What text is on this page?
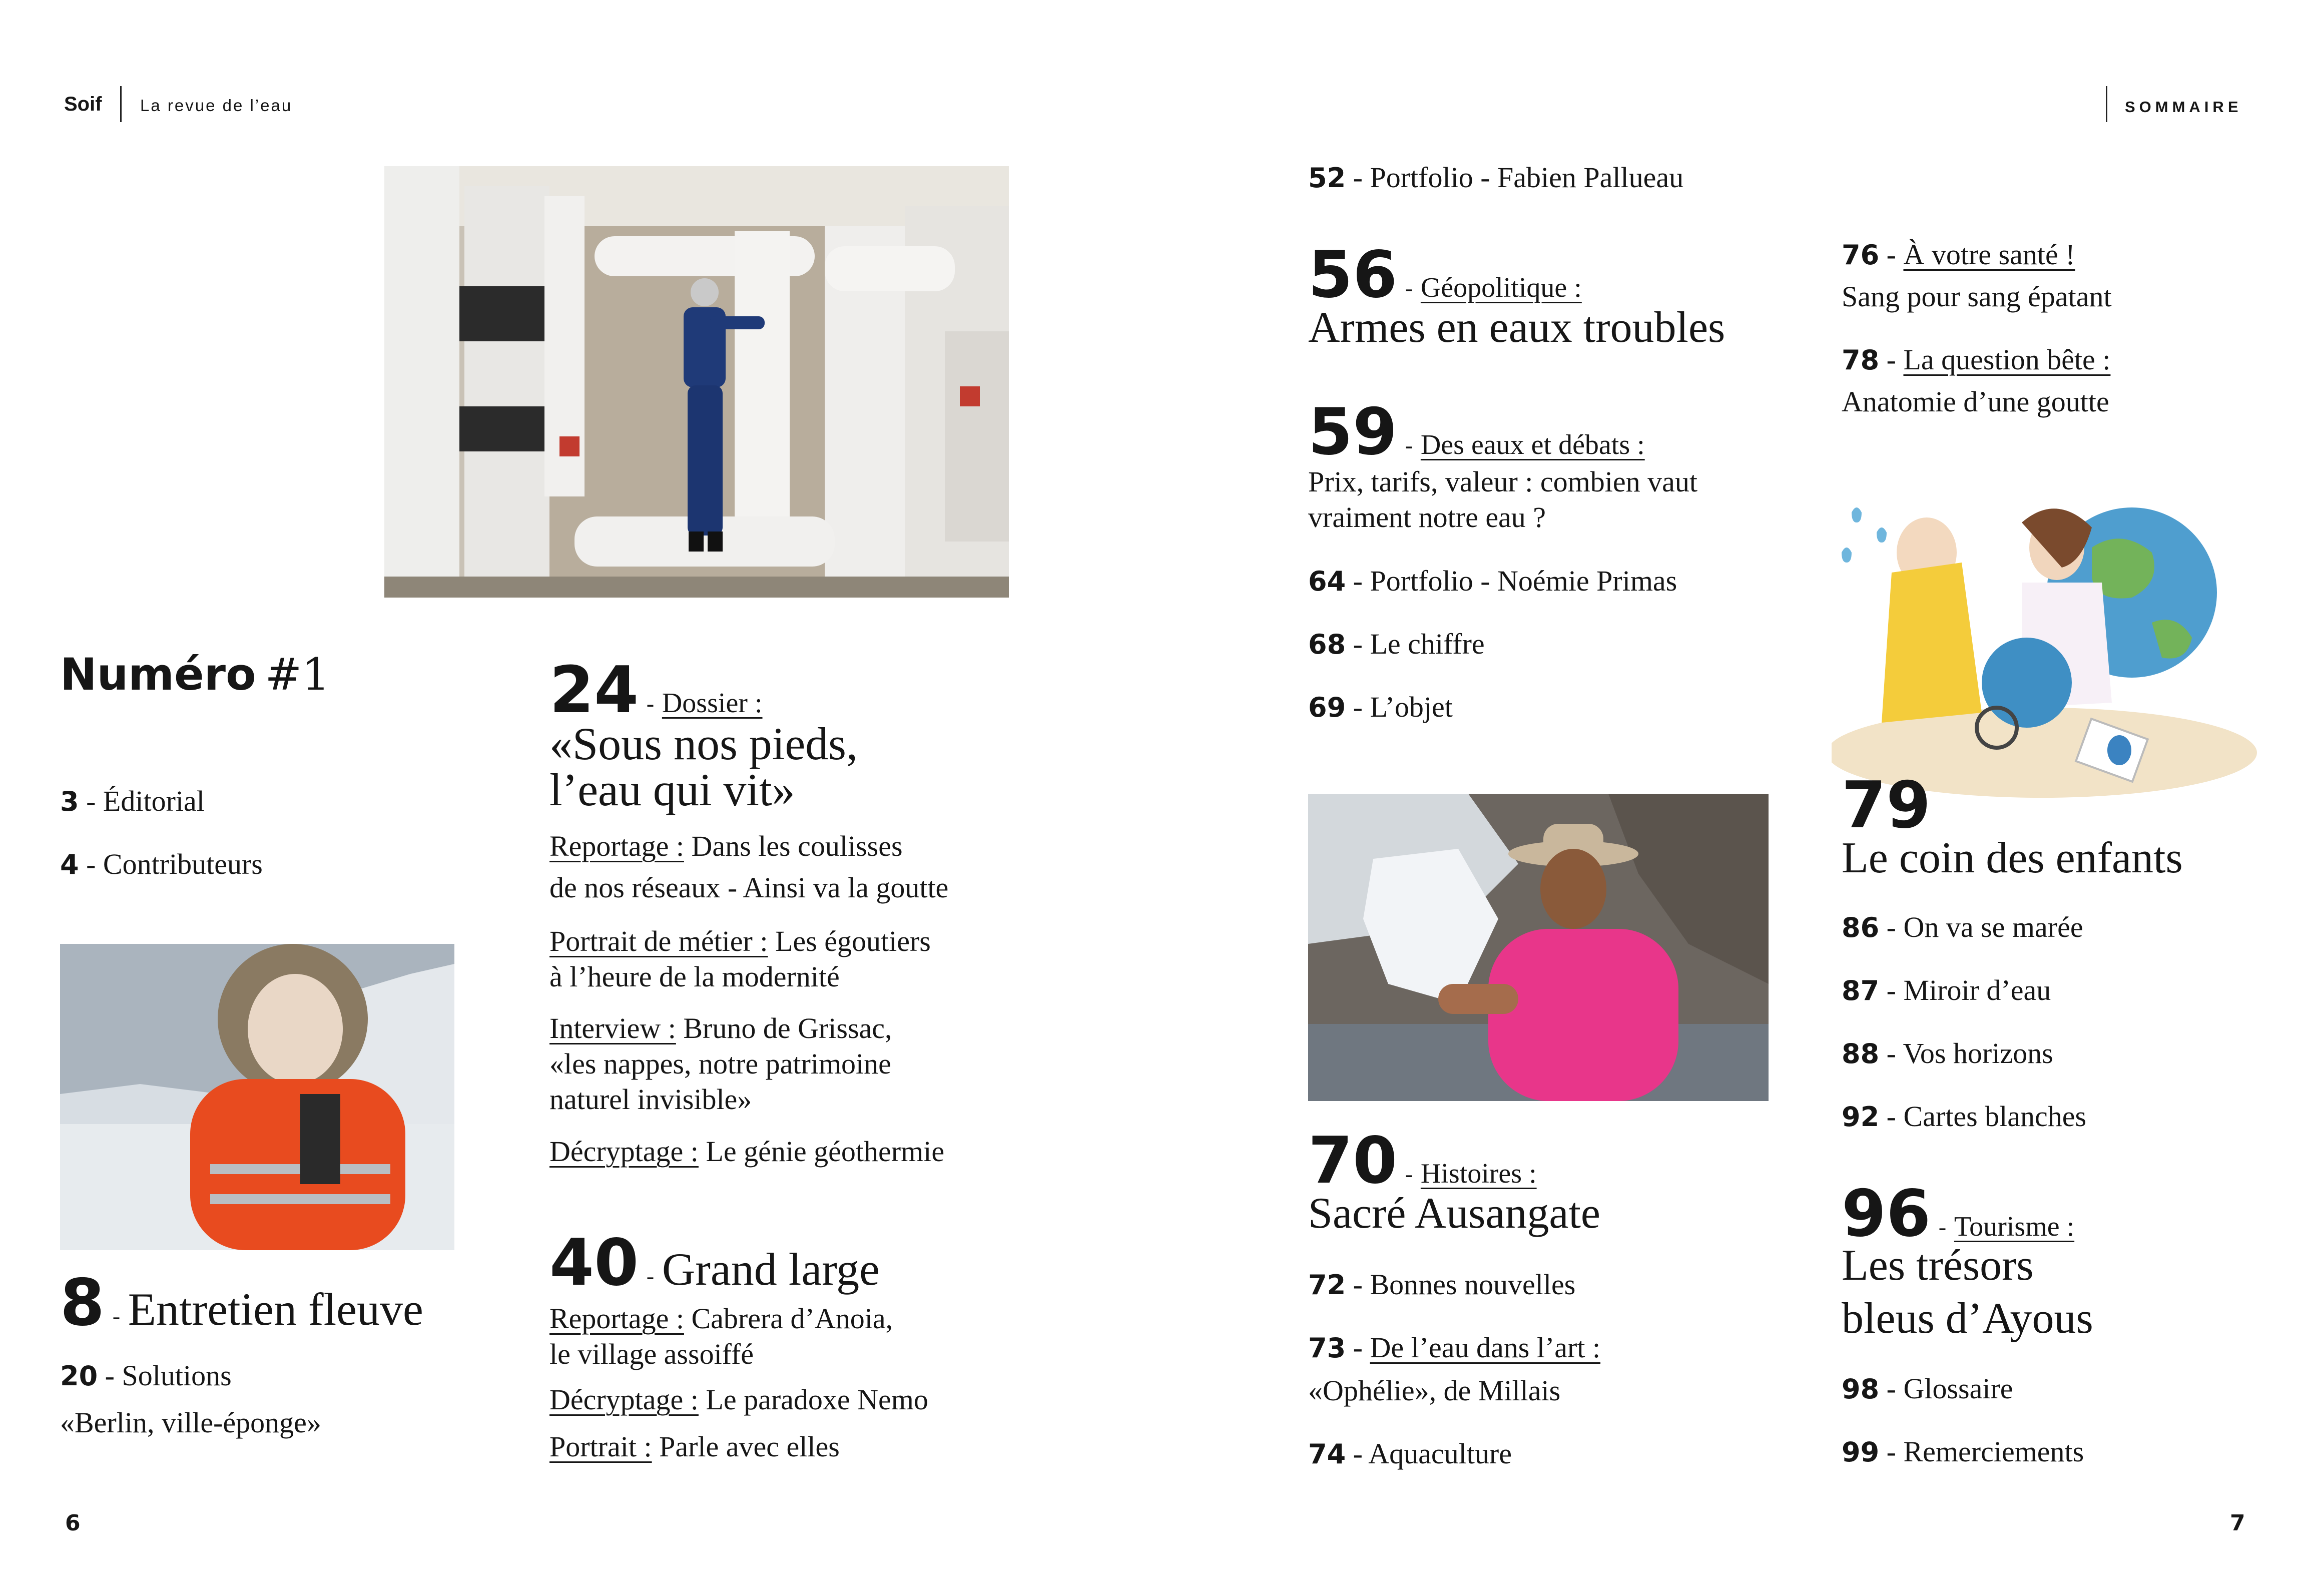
Soif La revue de l’eau	SOMMAIRE
Numéro #1
3 - Éditorial
4 - Contributeurs
8 - Entretien fleuve
20 - Solutions
«Berlin, ville-éponge»
24 - Dossier :
«Sous nos pieds,
l’eau qui vit»
Reportage : Dans les coulisses
de nos réseaux - Ainsi va la goutte
Portrait de métier : Les égoutiers
à l’heure de la modernité
Interview : Bruno de Grissac,
«les nappes, notre patrimoine
naturel invisible»
Décryptage : Le génie géothermie
40 - Grand large
Reportage : Cabrera d’Anoia,
le village assoiffé
Décryptage : Le paradoxe Nemo
Portrait : Parle avec elles
52 - Portfolio - Fabien Pallueau
56 - Géopolitique :
Armes en eaux troubles
59 - Des eaux et débats :
Prix, tarifs, valeur : combien vaut
vraiment notre eau ?
64 - Portfolio - Noémie Primas
68 - Le chiffre
69 - L’objet
70 - Histoires :
Sacré Ausangate
72 - Bonnes nouvelles
73 - De l’eau dans l’art :
«Ophélie», de Millais
74 - Aquaculture
76 - À votre santé !
Sang pour sang épatant
78 - La question bête :
Anatomie d’une goutte
79
Le coin des enfants
86 - On va se marée
87 - Miroir d’eau
88 - Vos horizons
92 - Cartes blanches
96 - Tourisme :
Les trésors
bleus d’Ayous
98 - Glossaire
99 - Remerciements
6	7
